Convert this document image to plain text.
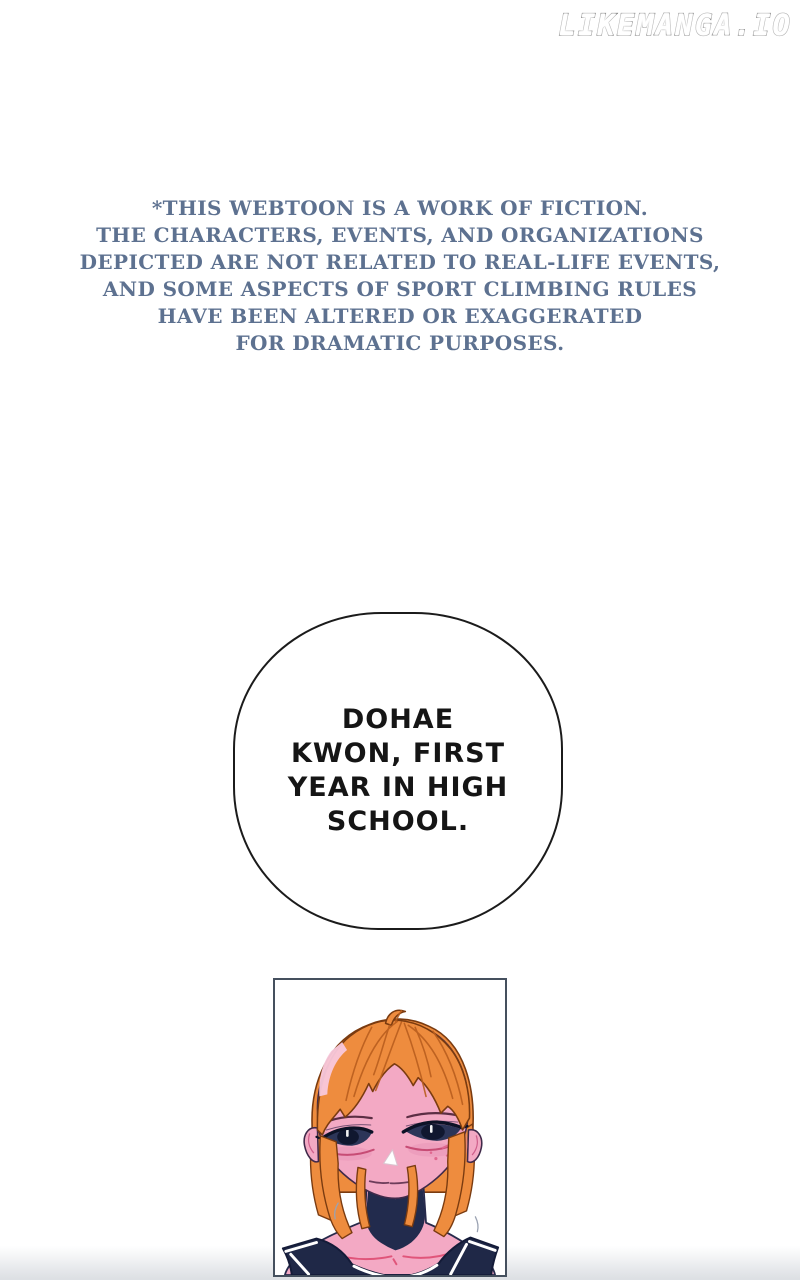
LIKEMANGA.IO
*THIS WEBTOON IS A WORK OF FICTION.
THE CHARACTERS, EVENTS, AND ORGANIZATIONS
DEPICTED ARE NOT RELATED TO REAL-LIFE EVENTS,
AND SOME ASPECTS OF SPORT CLIMBING RULES
HAVE BEEN ALTERED OR EXAGGERATED
FOR DRAMATIC PURPOSES.
DOHAE
KWON, FIRST
YEAR IN HIGH
SCHOOL.
